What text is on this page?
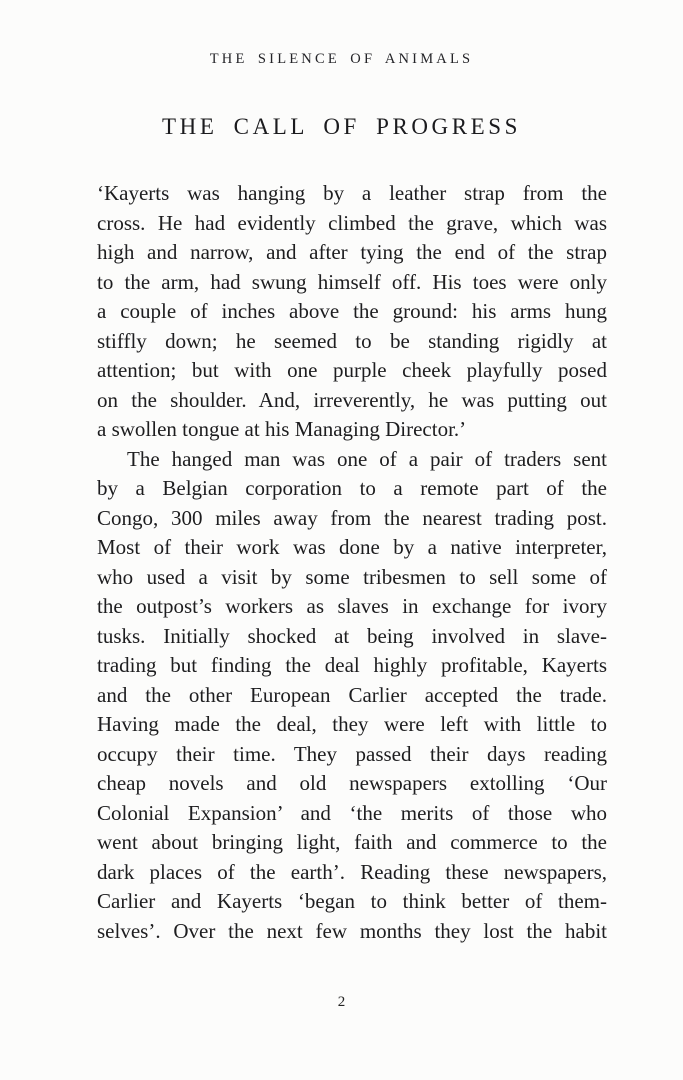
THE SILENCE OF ANIMALS
THE CALL OF PROGRESS
‘Kayerts was hanging by a leather strap from the
cross. He had evidently climbed the grave, which was
high and narrow, and after tying the end of the strap
to the arm, had swung himself off. His toes were only
a couple of inches above the ground: his arms hung
stiffly down; he seemed to be standing rigidly at
attention; but with one purple cheek playfully posed
on the shoulder. And, irreverently, he was putting out
a swollen tongue at his Managing Director.’
The hanged man was one of a pair of traders sent
by a Belgian corporation to a remote part of the
Congo, 300 miles away from the nearest trading post.
Most of their work was done by a native interpreter,
who used a visit by some tribesmen to sell some of
the outpost’s workers as slaves in exchange for ivory
tusks. Initially shocked at being involved in slave-
trading but finding the deal highly profitable, Kayerts
and the other European Carlier accepted the trade.
Having made the deal, they were left with little to
occupy their time. They passed their days reading
cheap novels and old newspapers extolling ‘Our
Colonial Expansion’ and ‘the merits of those who
went about bringing light, faith and commerce to the
dark places of the earth’. Reading these newspapers,
Carlier and Kayerts ‘began to think better of them-
selves’. Over the next few months they lost the habit
2
